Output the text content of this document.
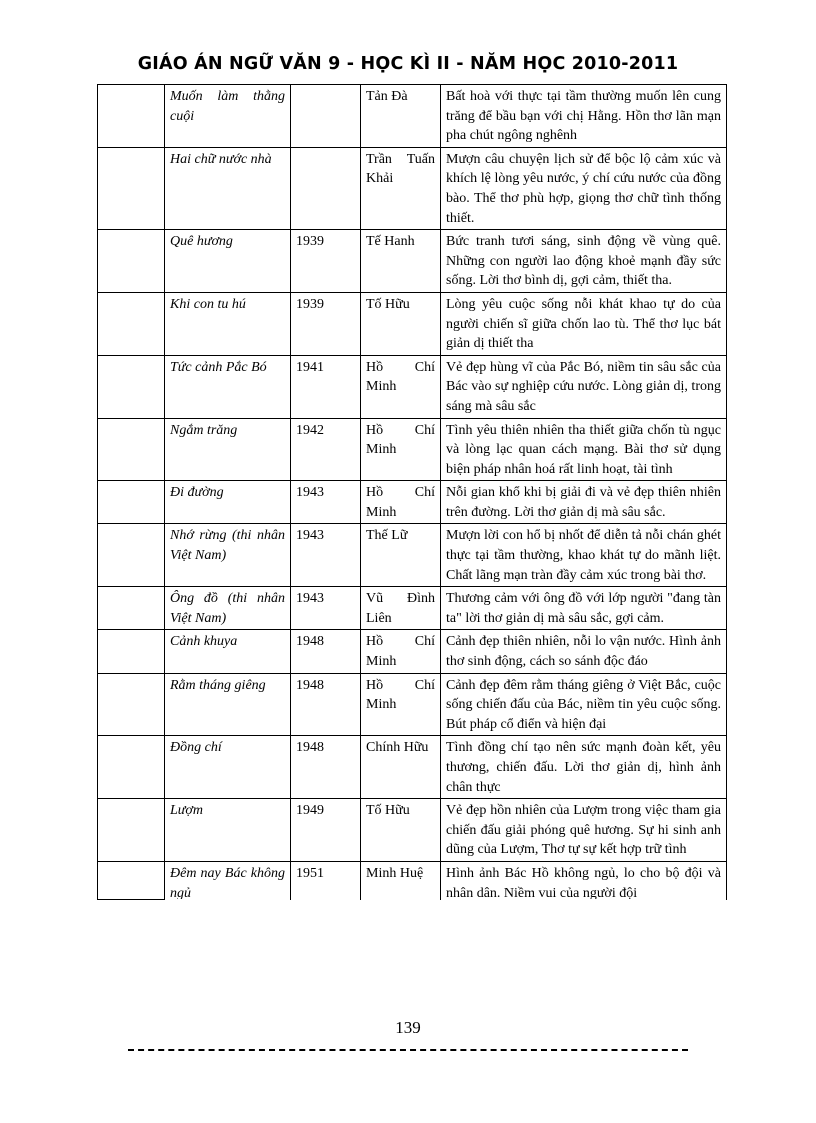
GIÁO ÁN NGỮ VĂN 9 - HỌC KÌ II - NĂM HỌC 2010-2011

	Muốn làm thằng cuội		Tản Đà	Bất hoà với thực tại tầm thường muốn lên cung trăng để bầu bạn với chị Hằng. Hồn thơ lãn mạn pha chút ngông nghênh

	Hai chữ nước nhà		Trần Tuấn Khải	Mượn câu chuyện lịch sử để bộc lộ cảm xúc và khích lệ lòng yêu nước, ý chí cứu nước của đồng bào. Thể thơ phù hợp, giọng thơ chữ tình thống thiết.

	Quê hương	1939	Tế Hanh	Bức tranh tươi sáng, sinh động về vùng quê. Những con người lao động khoẻ mạnh đầy sức sống. Lời thơ bình dị, gợi cảm, thiết tha.

	Khi con tu hú	1939	Tố Hữu	Lòng yêu cuộc sống nỗi khát khao tự do của người chiến sĩ giữa chốn lao tù. Thể thơ lục bát giản dị thiết tha

	Tức cảnh Pắc Bó	1941	Hồ Chí Minh	Vẻ đẹp hùng vĩ của Pắc Bó, niềm tin sâu sắc của Bác vào sự nghiệp cứu nước. Lòng giản dị, trong sáng mà sâu sắc

	Ngắm trăng	1942	Hồ Chí Minh	Tình yêu thiên nhiên tha thiết giữa chốn tù ngục và lòng lạc quan cách mạng. Bài thơ sử dụng biện pháp nhân hoá rất linh hoạt, tài tình

	Đi đường	1943	Hồ Chí Minh	Nỗi gian khổ khi bị giải đi và vẻ đẹp thiên nhiên trên đường. Lời thơ giản dị mà sâu sắc.

	Nhớ rừng (thi nhân Việt Nam)	1943	Thế Lữ	Mượn lời con hổ bị nhốt để diễn tả nỗi chán ghét thực tại tầm thường, khao khát tự do mãnh liệt. Chất lãng mạn tràn đầy cảm xúc trong bài thơ.

	Ông đồ (thi nhân Việt Nam)	1943	Vũ Đình Liên	Thương cảm với ông đồ với lớp người "đang tàn ta" lời thơ giản dị mà sâu sắc, gợi cảm.

	Cảnh khuya	1948	Hồ Chí Minh	Cảnh đẹp thiên nhiên, nỗi lo vận nước. Hình ảnh thơ sinh động, cách so sánh độc đáo

	Rằm tháng giêng	1948	Hồ Chí Minh	Cảnh đẹp đêm rằm tháng giêng ở Việt Bắc, cuộc sống chiến đấu của Bác, niềm tin yêu cuộc sống. Bút pháp cổ điển và hiện đại

	Đồng chí	1948	Chính Hữu	Tình đồng chí tạo nên sức mạnh đoàn kết, yêu thương, chiến đấu. Lời thơ giản dị, hình ảnh chân thực

	Lượm	1949	Tố Hữu	Vẻ đẹp hồn nhiên của Lượm trong việc tham gia chiến đấu giải phóng quê hương. Sự hi sinh anh dũng của Lượm, Thơ tự sự kết hợp trữ tình

	Đêm nay Bác không ngủ	1951	Minh Huệ	Hình ảnh Bác Hồ không ngủ, lo cho bộ đội và nhân dân. Niềm vui của người đội
139
